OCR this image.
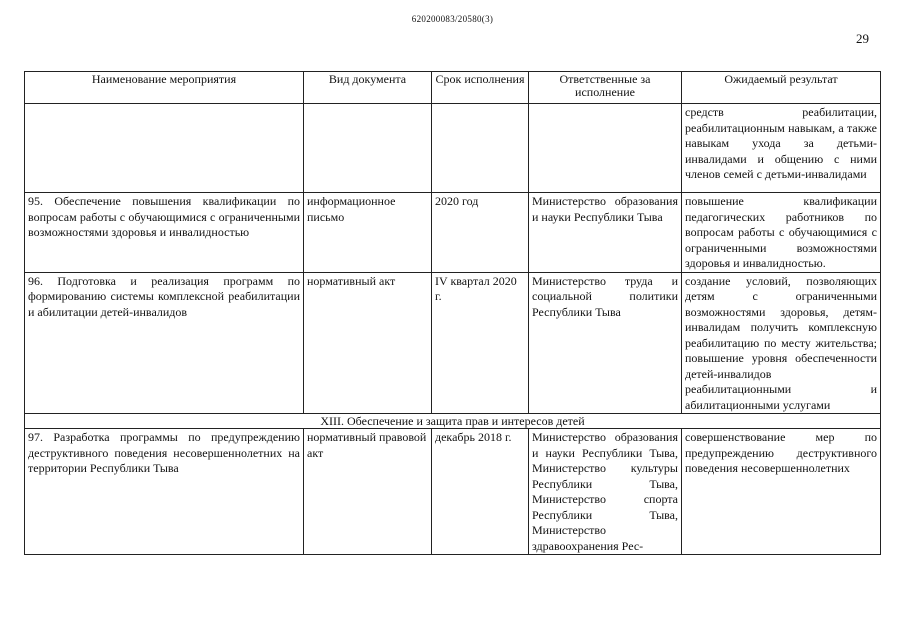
620200083/20580(3)
29
Наименование мероприятия	Вид документа	Срок исполнения	Ответственные за исполнение	Ожидаемый результат
				средств реабилитации, реабилитационным навыкам, а также навыкам ухода за детьми-инвалидами и общению с ними членов семей с детьми-инвалидами
95. Обеспечение повышения квалификации по вопросам работы с обучающимися с ограниченными возможностями здоровья и инвалидностью	информационное письмо	2020 год	Министерство образования и науки Республики Тыва	повышение квалификации педагогических работников по вопросам работы с обучающимися с ограниченными возможностями здоровья и инвалидностью.
96. Подготовка и реализация программ по формированию системы комплексной реабилитации и абилитации детей-инвалидов	нормативный акт	IV квартал 2020 г.	Министерство труда и социальной политики Республики Тыва	создание условий, позволяющих детям с ограниченными возможностями здоровья, детям-инвалидам получить комплексную реабилитацию по месту жительства; повышение уровня обеспеченности детей-инвалидов реабилитационными и абилитационными услугами
XIII. Обеспечение и защита прав и интересов детей				
97. Разработка программы по предупреждению деструктивного поведения несовершеннолетних на территории Республики Тыва	нормативный правовой акт	декабрь 2018 г.	Министерство образования и науки Республики Тыва, Министерство культуры Республики Тыва, Министерство спорта Республики Тыва, Министерство здравоохранения Рес-	совершенствование мер по предупреждению деструктивного поведения несовершеннолетних
